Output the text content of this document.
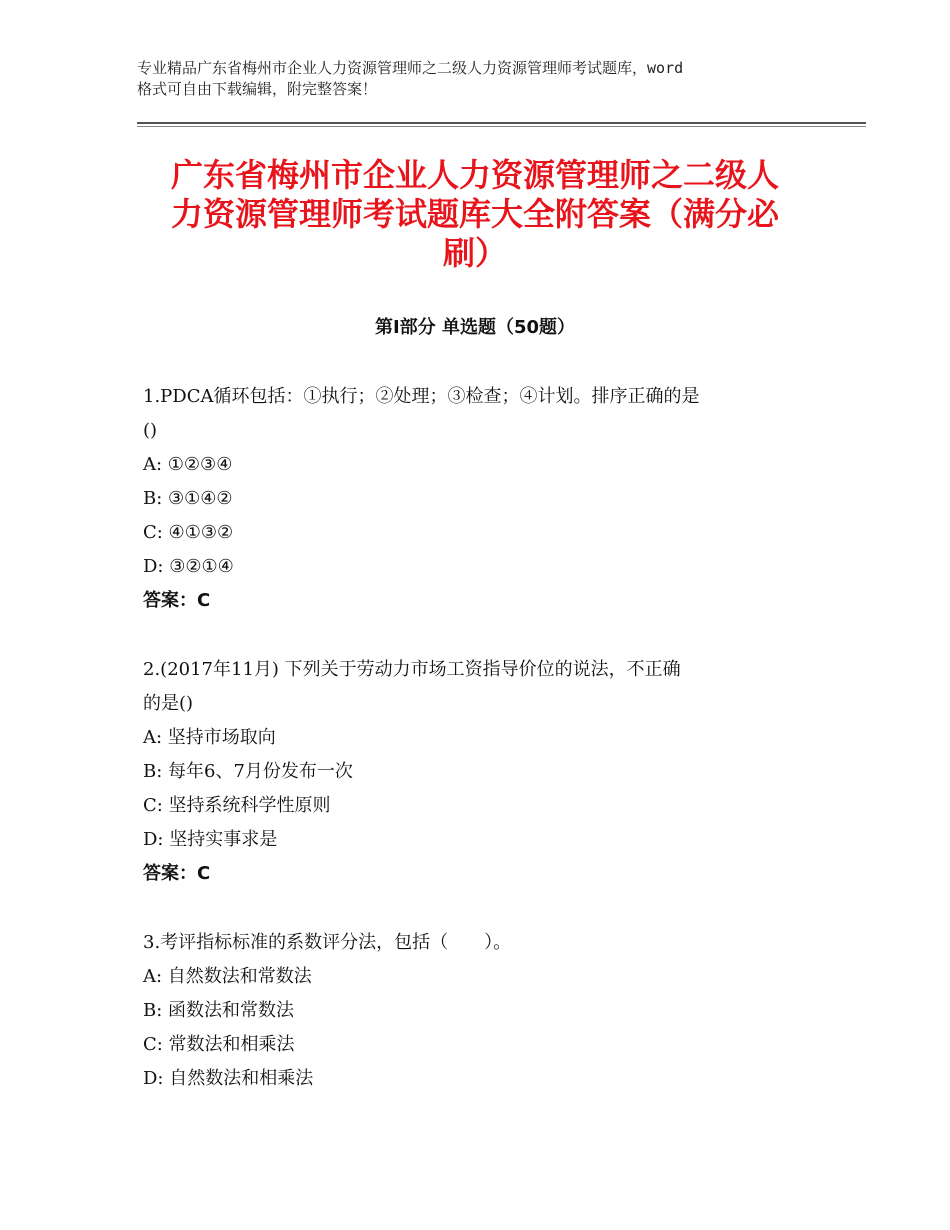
专业精品广东省梅州市企业人力资源管理师之二级人力资源管理师考试题库，word
格式可自由下载编辑，附完整答案！
广东省梅州市企业人力资源管理师之二级人
力资源管理师考试题库大全附答案（满分必
刷）
第Ⅰ部分 单选题（50题）
1.PDCA循环包括：①执行；②处理；③检查；④计划。排序正确的是
()
A: ①②③④
B: ③①④②
C: ④①③②
D: ③②①④
答案：C
2.(2017年11月) 下列关于劳动力市场工资指导价位的说法，不正确
的是()
A: 坚持市场取向
B: 每年6、7月份发布一次
C: 坚持系统科学性原则
D: 坚持实事求是
答案：C
3.考评指标标准的系数评分法，包括（　　）。
A: 自然数法和常数法
B: 函数法和常数法
C: 常数法和相乘法
D: 自然数法和相乘法
